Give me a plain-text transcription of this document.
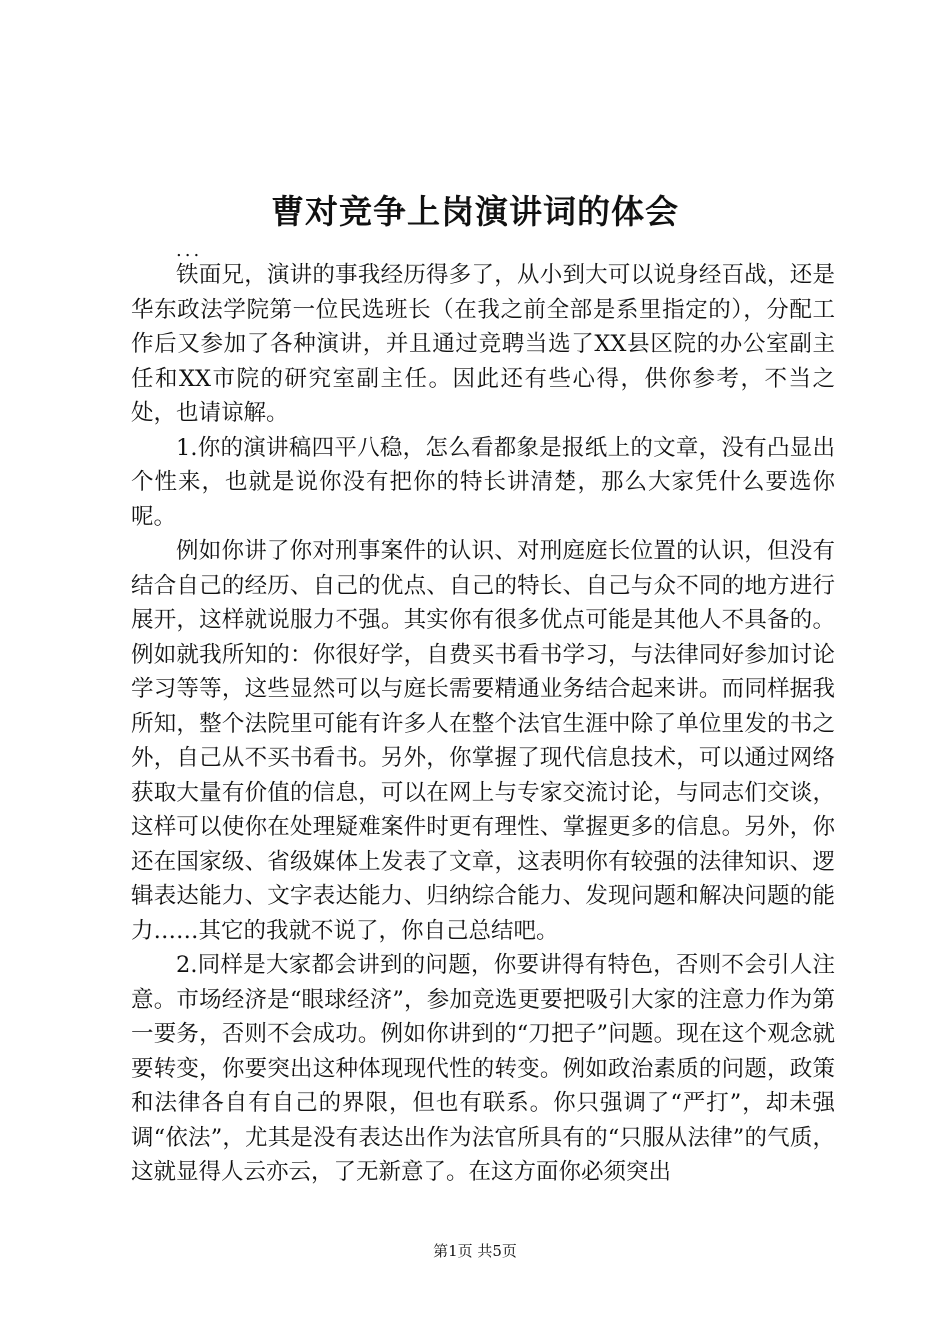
曹对竞争上岗演讲词的体会
...

铁面兄，演讲的事我经历得多了，从小到大可以说身经百战，还是华东政法学院第一位民选班长（在我之前全部是系里指定的），分配工作后又参加了各种演讲，并且通过竞聘当选了XX县区院的办公室副主任和XX市院的研究室副主任。因此还有些心得，供你参考，不当之处，也请谅解。

1.你的演讲稿四平八稳，怎么看都象是报纸上的文章，没有凸显出个性来，也就是说你没有把你的特长讲清楚，那么大家凭什么要选你呢。

例如你讲了你对刑事案件的认识、对刑庭庭长位置的认识，但没有结合自己的经历、自己的优点、自己的特长、自己与众不同的地方进行展开，这样就说服力不强。其实你有很多优点可能是其他人不具备的。例如就我所知的：你很好学，自费买书看书学习，与法律同好参加讨论学习等等，这些显然可以与庭长需要精通业务结合起来讲。而同样据我所知，整个法院里可能有许多人在整个法官生涯中除了单位里发的书之外，自己从不买书看书。另外，你掌握了现代信息技术，可以通过网络获取大量有价值的信息，可以在网上与专家交流讨论，与同志们交谈，这样可以使你在处理疑难案件时更有理性、掌握更多的信息。另外，你还在国家级、省级媒体上发表了文章，这表明你有较强的法律知识、逻辑表达能力、文字表达能力、归纳综合能力、发现问题和解决问题的能力……其它的我就不说了，你自己总结吧。

2.同样是大家都会讲到的问题，你要讲得有特色，否则不会引人注意。市场经济是“眼球经济”，参加竞选更要把吸引大家的注意力作为第一要务，否则不会成功。例如你讲到的“刀把子”问题。现在这个观念就要转变，你要突出这种体现现代性的转变。例如政治素质的问题，政策和法律各自有自己的界限，但也有联系。你只强调了“严打”，却未强调“依法”，尤其是没有表达出作为法官所具有的“只服从法律”的气质，这就显得人云亦云，了无新意了。在这方面你必须突出

第1页 共5页
